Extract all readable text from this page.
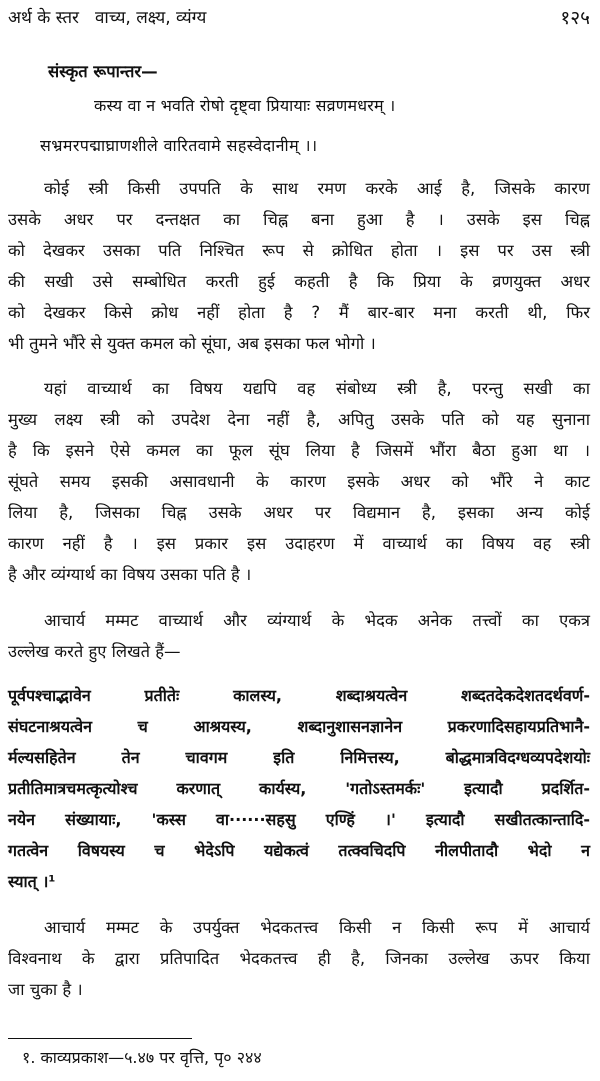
अर्थ के स्तर वाच्य, लक्ष्य, व्यंग्य	१२५
संस्कृत रूपान्तर—
कस्य वा न भवति रोषो दृष्ट्वा प्रियायाः सव्रणमधरम् ।
सभ्रमरपद्माघ्राणशीले वारितवामे सहस्वेदानीम् ।।
कोई स्त्री किसी उपपति के साथ रमण करके आई है, जिसके कारण
उसके अधर पर दन्तक्षत का चिह्न बना हुआ है । उसके इस चिह्न
को देखकर उसका पति निश्चित रूप से क्रोधित होता । इस पर उस स्त्री
की सखी उसे सम्बोधित करती हुई कहती है कि प्रिया के व्रणयुक्त अधर
को देखकर किसे क्रोध नहीं होता है ? मैं बार-बार मना करती थी, फिर
भी तुमने भौंरे से युक्त कमल को सूंघा, अब इसका फल भोगो ।
यहां वाच्यार्थ का विषय यद्यपि वह संबोध्य स्त्री है, परन्तु सखी का
मुख्य लक्ष्य स्त्री को उपदेश देना नहीं है, अपितु उसके पति को यह सुनाना
है कि इसने ऐसे कमल का फूल सूंघ लिया है जिसमें भौंरा बैठा हुआ था ।
सूंघते समय इसकी असावधानी के कारण इसके अधर को भौंरे ने काट
लिया है, जिसका चिह्न उसके अधर पर विद्यमान है, इसका अन्य कोई
कारण नहीं है । इस प्रकार इस उदाहरण में वाच्यार्थ का विषय वह स्त्री
है और व्यंग्यार्थ का विषय उसका पति है ।
आचार्य मम्मट वाच्यार्थ और व्यंग्यार्थ के भेदक अनेक तत्त्वों का एकत्र
उल्लेख करते हुए लिखते हैं—
पूर्वपश्चाद्भावेन प्रतीतेः कालस्य, शब्दाश्रयत्वेन शब्दतदेकदेशतदर्थवर्ण-
संघटनाश्रयत्वेन च आश्रयस्य, शब्दानुशासनज्ञानेन प्रकरणादिसहायप्रतिभानै-
र्मल्यसहितेन तेन चावगम इति निमित्तस्य, बोद्धमात्रविदग्धव्यपदेशयोः
प्रतीतिमात्रचमत्कृत्योश्च करणात् कार्यस्य, 'गतोऽस्तमर्कः' इत्यादौ प्रदर्शित-
नयेन संख्यायाः, 'कस्स वा······सहसु एण्हिं ।' इत्यादौ सखीतत्कान्तादि-
गतत्वेन विषयस्य च भेदेऽपि यद्येकत्वं तत्क्वचिदपि नीलपीतादौ भेदो न
स्यात् ।¹
आचार्य मम्मट के उपर्युक्त भेदकतत्त्व किसी न किसी रूप में आचार्य
विश्वनाथ के द्वारा प्रतिपादित भेदकतत्त्व ही है, जिनका उल्लेख ऊपर किया
जा चुका है ।
१. काव्यप्रकाश—५.४७ पर वृत्ति, पृ० २४४
